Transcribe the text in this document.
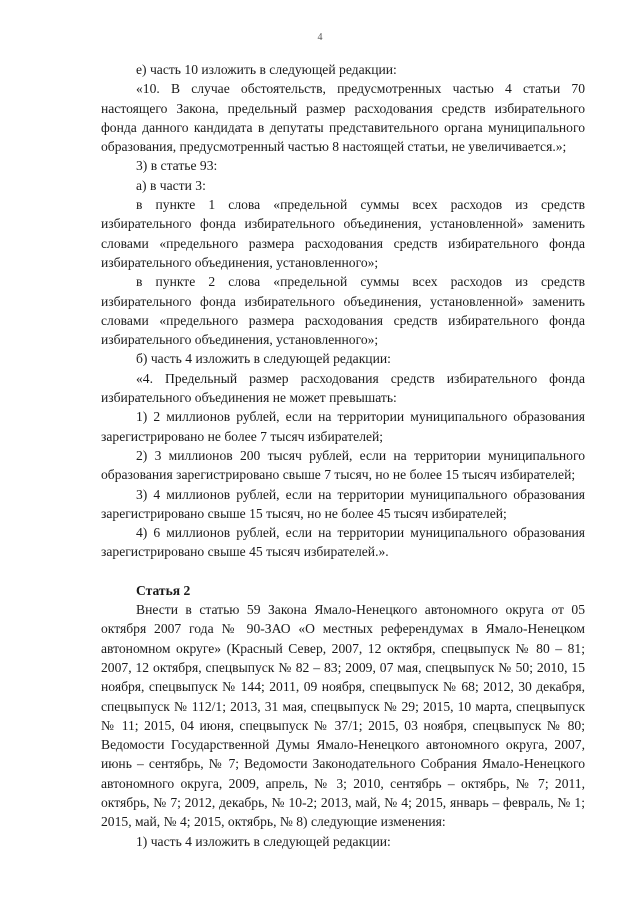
4

е) часть 10 изложить в следующей редакции:

«10. В случае обстоятельств, предусмотренных частью 4 статьи 70 настоящего Закона, предельный размер расходования средств избирательного фонда данного кандидата в депутаты представительного органа муниципального образования, предусмотренный частью 8 настоящей статьи, не увеличивается.»;

3) в статье 93:

а) в части 3:

в пункте 1 слова «предельной суммы всех расходов из средств избирательного фонда избирательного объединения, установленной» заменить словами «предельного размера расходования средств избирательного фонда избирательного объединения, установленного»;

в пункте 2 слова «предельной суммы всех расходов из средств избирательного фонда избирательного объединения, установленной» заменить словами «предельного размера расходования средств избирательного фонда избирательного объединения, установленного»;

б) часть 4 изложить в следующей редакции:

«4. Предельный размер расходования средств избирательного фонда избирательного объединения не может превышать:

1) 2 миллионов рублей, если на территории муниципального образования зарегистрировано не более 7 тысяч избирателей;

2) 3 миллионов 200 тысяч рублей, если на территории муниципального образования зарегистрировано свыше 7 тысяч, но не более 15 тысяч избирателей;

3) 4 миллионов рублей, если на территории муниципального образования зарегистрировано свыше 15 тысяч, но не более 45 тысяч избирателей;

4) 6 миллионов рублей, если на территории муниципального образования зарегистрировано свыше 45 тысяч избирателей.».

Статья 2

Внести в статью 59 Закона Ямало-Ненецкого автономного округа от 05 октября 2007 года № 90-ЗАО «О местных референдумах в Ямало-Ненецком автономном округе» (Красный Север, 2007, 12 октября, спецвыпуск № 80 – 81; 2007, 12 октября, спецвыпуск № 82 – 83; 2009, 07 мая, спецвыпуск № 50; 2010, 15 ноября, спецвыпуск № 144; 2011, 09 ноября, спецвыпуск № 68; 2012, 30 декабря, спецвыпуск № 112/1; 2013, 31 мая, спецвыпуск № 29; 2015, 10 марта, спецвыпуск № 11; 2015, 04 июня, спецвыпуск № 37/1; 2015, 03 ноября, спецвыпуск № 80; Ведомости Государственной Думы Ямало-Ненецкого автономного округа, 2007, июнь – сентябрь, № 7; Ведомости Законодательного Собрания Ямало-Ненецкого автономного округа, 2009, апрель, № 3; 2010, сентябрь – октябрь, № 7; 2011, октябрь, № 7; 2012, декабрь, № 10-2; 2013, май, № 4; 2015, январь – февраль, № 1; 2015, май, № 4; 2015, октябрь, № 8) следующие изменения:

1) часть 4 изложить в следующей редакции:
